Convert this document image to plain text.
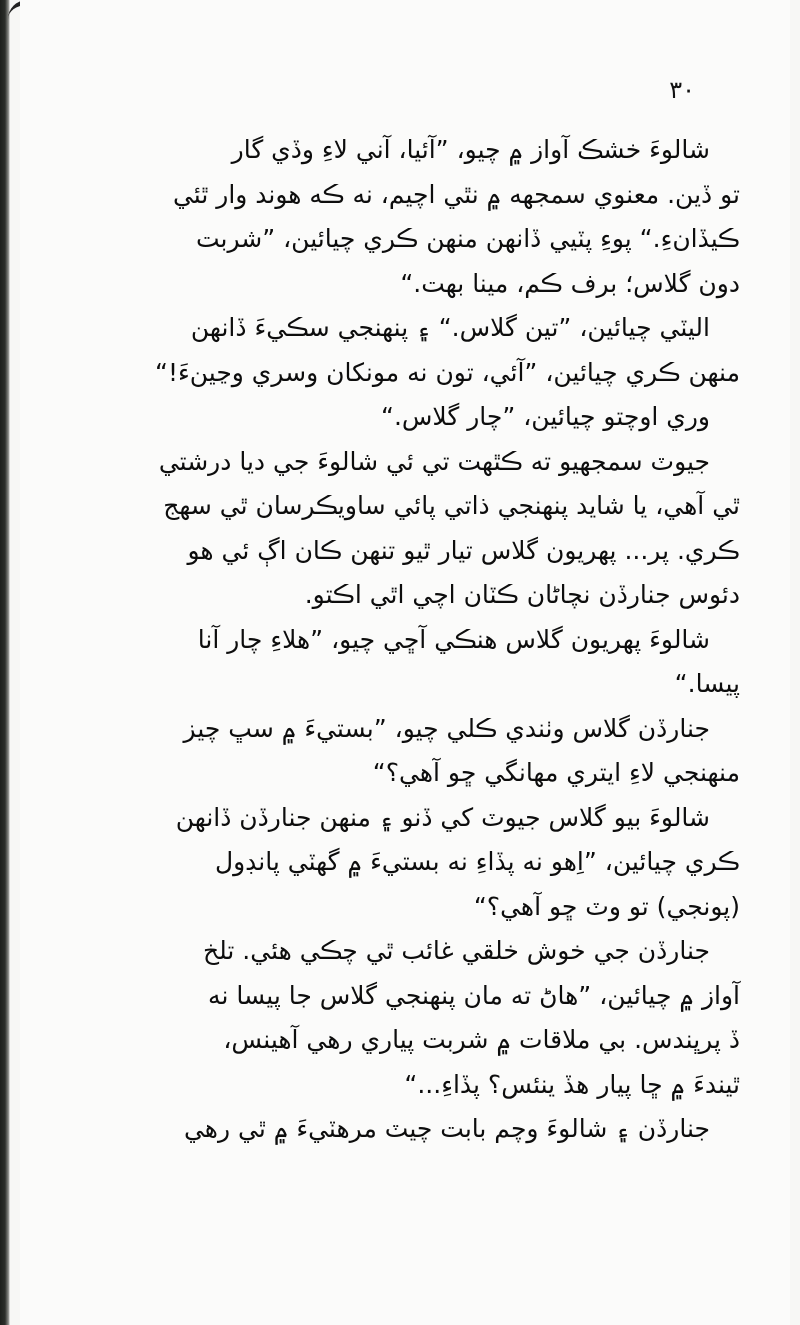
٣٠
شالوءَ خشڪ آواز ۾ چيو، ”آئيا، آني لاءِ وڏي گار
تو ڏين. معنوي سمجهه ۾ نٿي اچيم، نه ڪه هوند وار ٿئي
ڪيڏانءِ.“ پوءِ پٽيي ڏانهن منهن ڪري چيائين، ”شربت
دون گلاس؛ برف ڪم، مينا بهت.“
اليٽي چيائين، ”تين گلاس.“ ۽ پنهنجي سڪيءَ ڏانهن
منهن ڪري چيائين، ”آئي، تون نه مونکان وسري وڃينءَ!“
وري اوچتو چيائين، ”چار گلاس.“
جيوٽ سمجهيو ته ڪٿهت تي ئي شالوءَ جي ديا درشتي
ٿي آهي، يا شايد پنهنجي ذاتي پائي ساويڪرسان ٿي سهج
ڪري. پر... پهريون گلاس تيار ٿيو تنهن ڪان اڳ ئي هو
دئوس جنارڏن نچاڻان ڪٽان اچي اٿي اڪتو.
شالوءَ پهريون گلاس هنڪي آڇي چيو، ”هلاءِ چار آنا
پيسا.“
جنارڏن گلاس وٺندي ڪلي چيو، ”بستيءَ ۾ سڀ چيز
منهنجي لاءِ ايتري مهانگي ڇو آهي؟“
شالوءَ بيو گلاس جيوٽ کي ڏنو ۽ منهن جنارڏن ڏانهن
ڪري چيائين، ”اِهو نه پڏاءِ نه بستيءَ ۾ گهٽي پانڊول
(پونجي) تو وٽ ڇو آهي؟“
جنارڏن جي خوش خلقي غائب ٿي چڪي هئي. تلخ
آواز ۾ چيائين، ”هاڻ ته مان پنهنجي گلاس جا پيسا نه
ڏ پرڀندس. بي ملاقات ۾ شربت پياري رهي آهينس،
ٿيندءَ ۾ ڇا پيار هڏ ينئس؟ پڏاءِ...“
جنارڏن ۽ شالوءَ وچم بابت چيٽ مرهٽيءَ ۾ ٿي رهي
